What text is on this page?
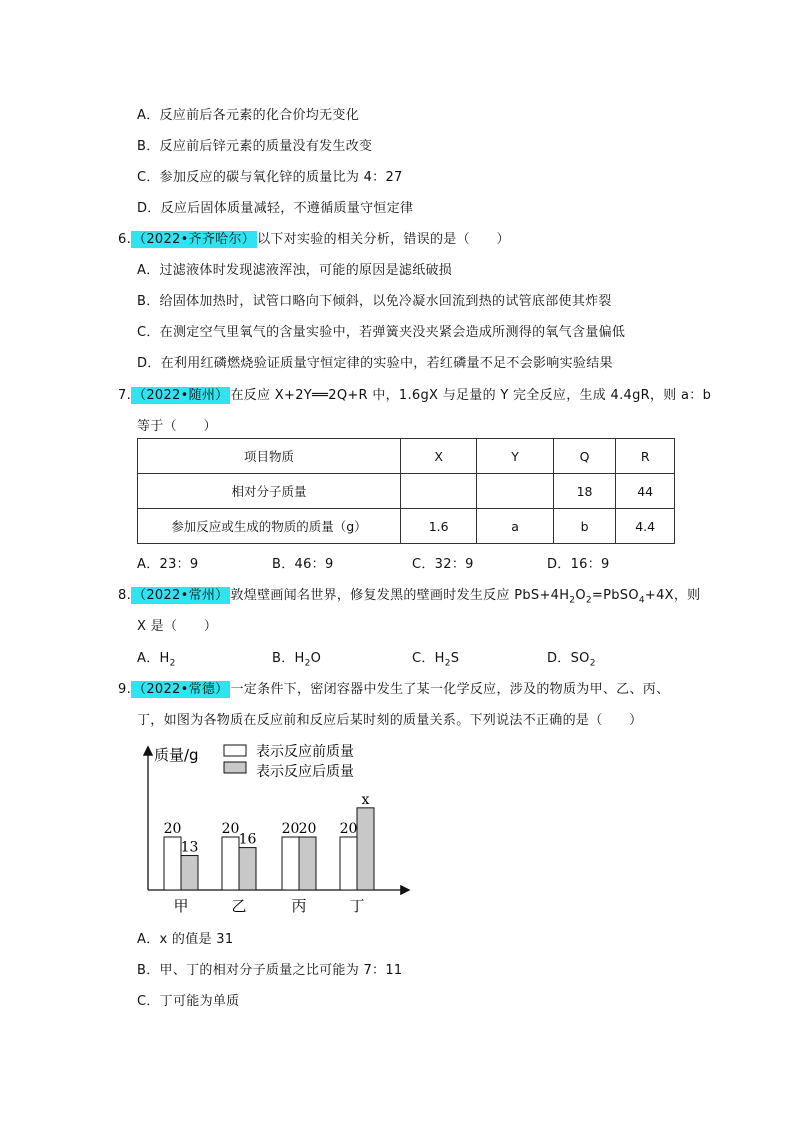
A．反应前后各元素的化合价均无变化
B．反应前后锌元素的质量没有发生改变
C．参加反应的碳与氧化锌的质量比为 4：27
D．反应后固体质量减轻，不遵循质量守恒定律
6. （2022•齐齐哈尔） 以下对实验的相关分析，错误的是（　　）
A．过滤液体时发现滤液浑浊，可能的原因是滤纸破损
B．给固体加热时，试管口略向下倾斜，以免冷凝水回流到热的试管底部使其炸裂
C．在测定空气里氧气的含量实验中，若弹簧夹没夹紧会造成所测得的氧气含量偏低
D．在利用红磷燃烧验证质量守恒定律的实验中，若红磷量不足不会影响实验结果
7. （2022•随州） 在反应 X+2Y══2Q+R 中，1.6gX 与足量的 Y 完全反应，生成 4.4gR，则 a：b
等于（　　）
项目物质	X	Y	Q	R
相对分子质量			18	44
参加反应或生成的物质的质量（g）	1.6	a	b	4.4
A．23：9	B．46：9	C．32：9	D．16：9
8. （2022•常州） 敦煌壁画闻名世界，修复发黑的壁画时发生反应 $PbS+4H_2O_2=PbSO_4+4X$，则
X 是（　　）
A．$H_2$	B．$H_2O$	C．$H_2S$	D．$SO_2$
9. （2022•常德） 一定条件下，密闭容器中发生了某一化学反应，涉及的物质为甲、乙、丙、
丁，如图为各物质在反应前和反应后某时刻的质量关系。下列说法不正确的是（　　）
质量/g	表示反应前质量
表示反应后质量
20
13
甲
20
16
乙
20 20
丙
20
x
丁
A．x 的值是 31
B．甲、丁的相对分子质量之比可能为 7：11
C．丁可能为单质
